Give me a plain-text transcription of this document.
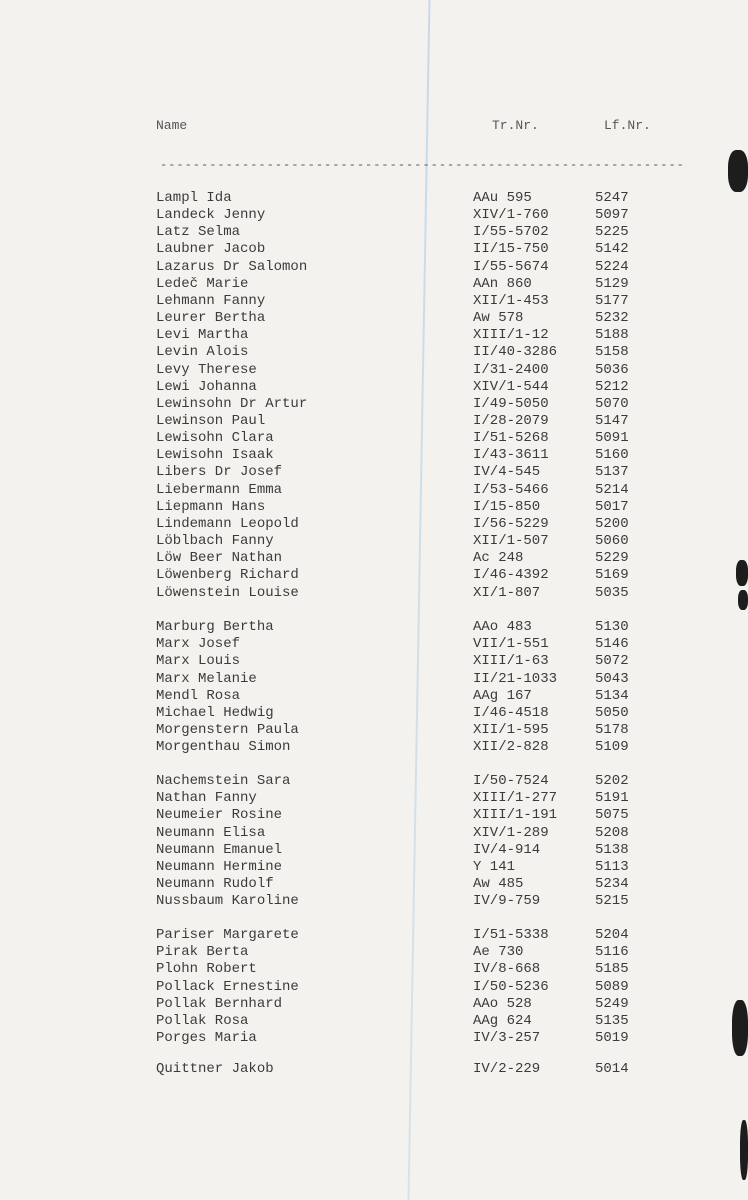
Name	Tr.Nr.	Lf.Nr.
----------------------------------------------------------------
Lampl Ida	AAu 595	5247
Landeck Jenny	XIV/1-760	5097
Latz Selma	I/55-5702	5225
Laubner Jacob	II/15-750	5142
Lazarus Dr Salomon	I/55-5674	5224
Ledeč Marie	AAn 860	5129
Lehmann Fanny	XII/1-453	5177
Leurer Bertha	Aw 578	5232
Levi Martha	XIII/1-12	5188
Levin Alois	II/40-3286	5158
Levy Therese	I/31-2400	5036
Lewi Johanna	XIV/1-544	5212
Lewinsohn Dr Artur	I/49-5050	5070
Lewinson Paul	I/28-2079	5147
Lewisohn Clara	I/51-5268	5091
Lewisohn Isaak	I/43-3611	5160
Libers Dr Josef	IV/4-545	5137
Liebermann Emma	I/53-5466	5214
Liepmann Hans	I/15-850	5017
Lindemann Leopold	I/56-5229	5200
Löblbach Fanny	XII/1-507	5060
Löw Beer Nathan	Ac 248	5229
Löwenberg Richard	I/46-4392	5169
Löwenstein Louise	XI/1-807	5035
Marburg Bertha	AAo 483	5130
Marx Josef	VII/1-551	5146
Marx Louis	XIII/1-63	5072
Marx Melanie	II/21-1033	5043
Mendl Rosa	AAg 167	5134
Michael Hedwig	I/46-4518	5050
Morgenstern Paula	XII/1-595	5178
Morgenthau Simon	XII/2-828	5109
Nachemstein Sara	I/50-7524	5202
Nathan Fanny	XIII/1-277	5191
Neumeier Rosine	XIII/1-191	5075
Neumann Elisa	XIV/1-289	5208
Neumann Emanuel	IV/4-914	5138
Neumann Hermine	Y 141	5113
Neumann Rudolf	Aw 485	5234
Nussbaum Karoline	IV/9-759	5215
Pariser Margarete	I/51-5338	5204
Pirak Berta	Ae 730	5116
Plohn Robert	IV/8-668	5185
Pollack Ernestine	I/50-5236	5089
Pollak Bernhard	AAo 528	5249
Pollak Rosa	AAg 624	5135
Porges Maria	IV/3-257	5019
Quittner Jakob	IV/2-229	5014
